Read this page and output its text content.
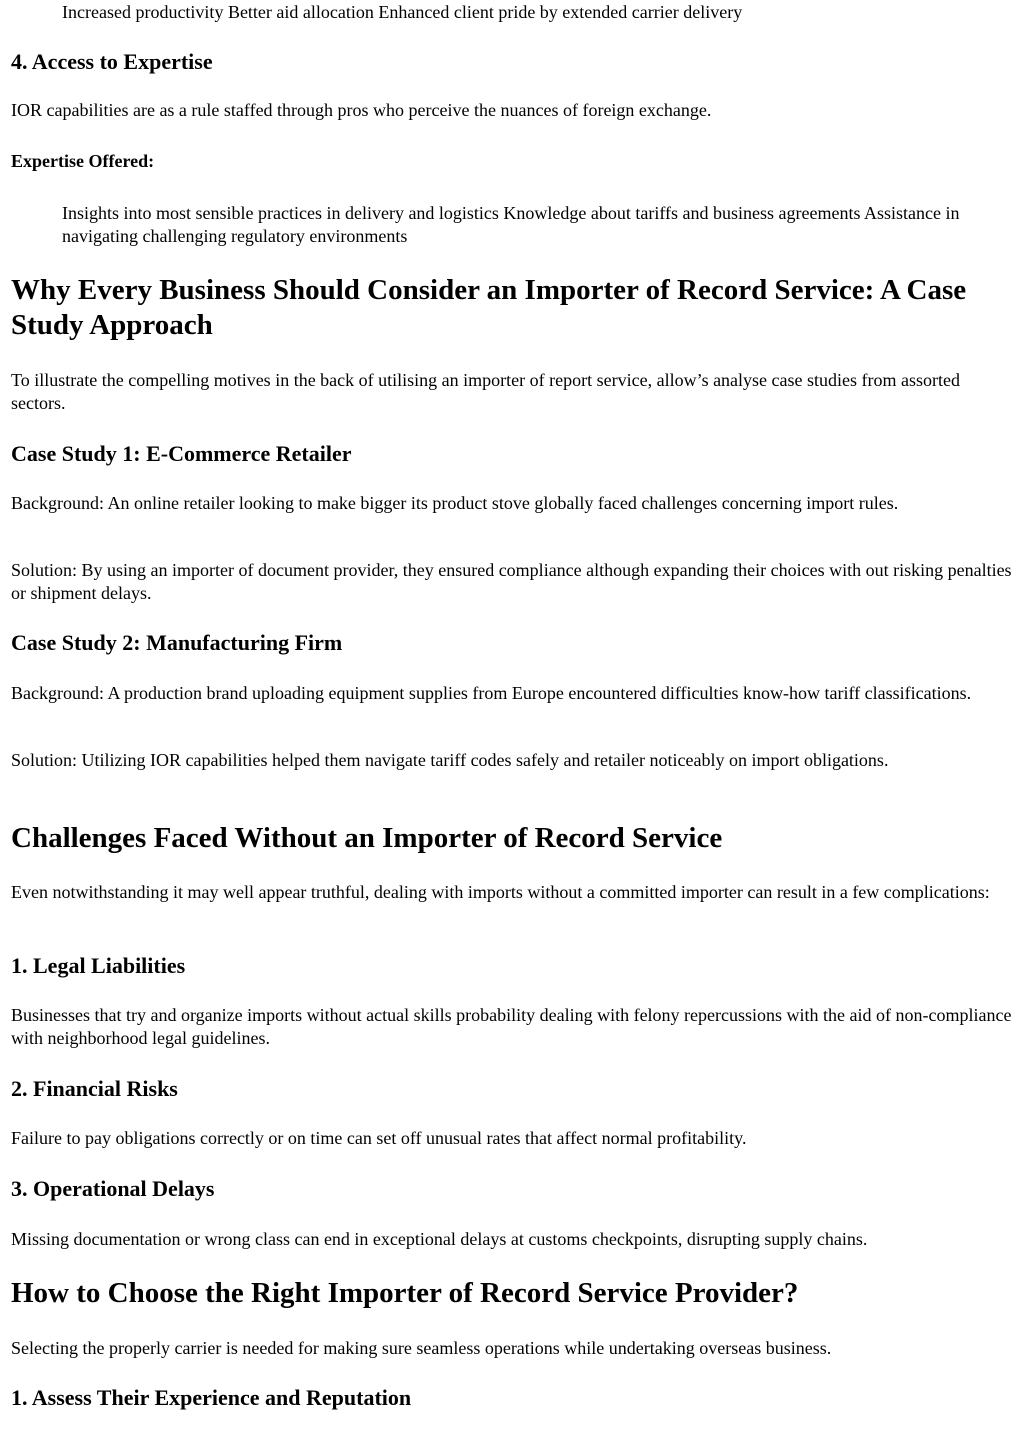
Increased productivity Better aid allocation Enhanced client pride by extended carrier delivery

4. Access to Expertise

IOR capabilities are as a rule staffed through pros who perceive the nuances of foreign exchange.

Expertise Offered:

Insights into most sensible practices in delivery and logistics Knowledge about tariffs and business agreements Assistance in navigating challenging regulatory environments

Why Every Business Should Consider an Importer of Record Service: A Case Study Approach

To illustrate the compelling motives in the back of utilising an importer of report service, allow’s analyse case studies from assorted sectors.

Case Study 1: E-Commerce Retailer

Background: An online retailer looking to make bigger its product stove globally faced challenges concerning import rules.

Solution: By using an importer of document provider, they ensured compliance although expanding their choices with out risking penalties or shipment delays.

Case Study 2: Manufacturing Firm

Background: A production brand uploading equipment supplies from Europe encountered difficulties know-how tariff classifications.

Solution: Utilizing IOR capabilities helped them navigate tariff codes safely and retailer noticeably on import obligations.

Challenges Faced Without an Importer of Record Service

Even notwithstanding it may well appear truthful, dealing with imports without a committed importer can result in a few complications:

1. Legal Liabilities

Businesses that try and organize imports without actual skills probability dealing with felony repercussions with the aid of non-compliance with neighborhood legal guidelines.

2. Financial Risks

Failure to pay obligations correctly or on time can set off unusual rates that affect normal profitability.

3. Operational Delays

Missing documentation or wrong class can end in exceptional delays at customs checkpoints, disrupting supply chains.

How to Choose the Right Importer of Record Service Provider?

Selecting the properly carrier is needed for making sure seamless operations while undertaking overseas business.

1. Assess Their Experience and Reputation
